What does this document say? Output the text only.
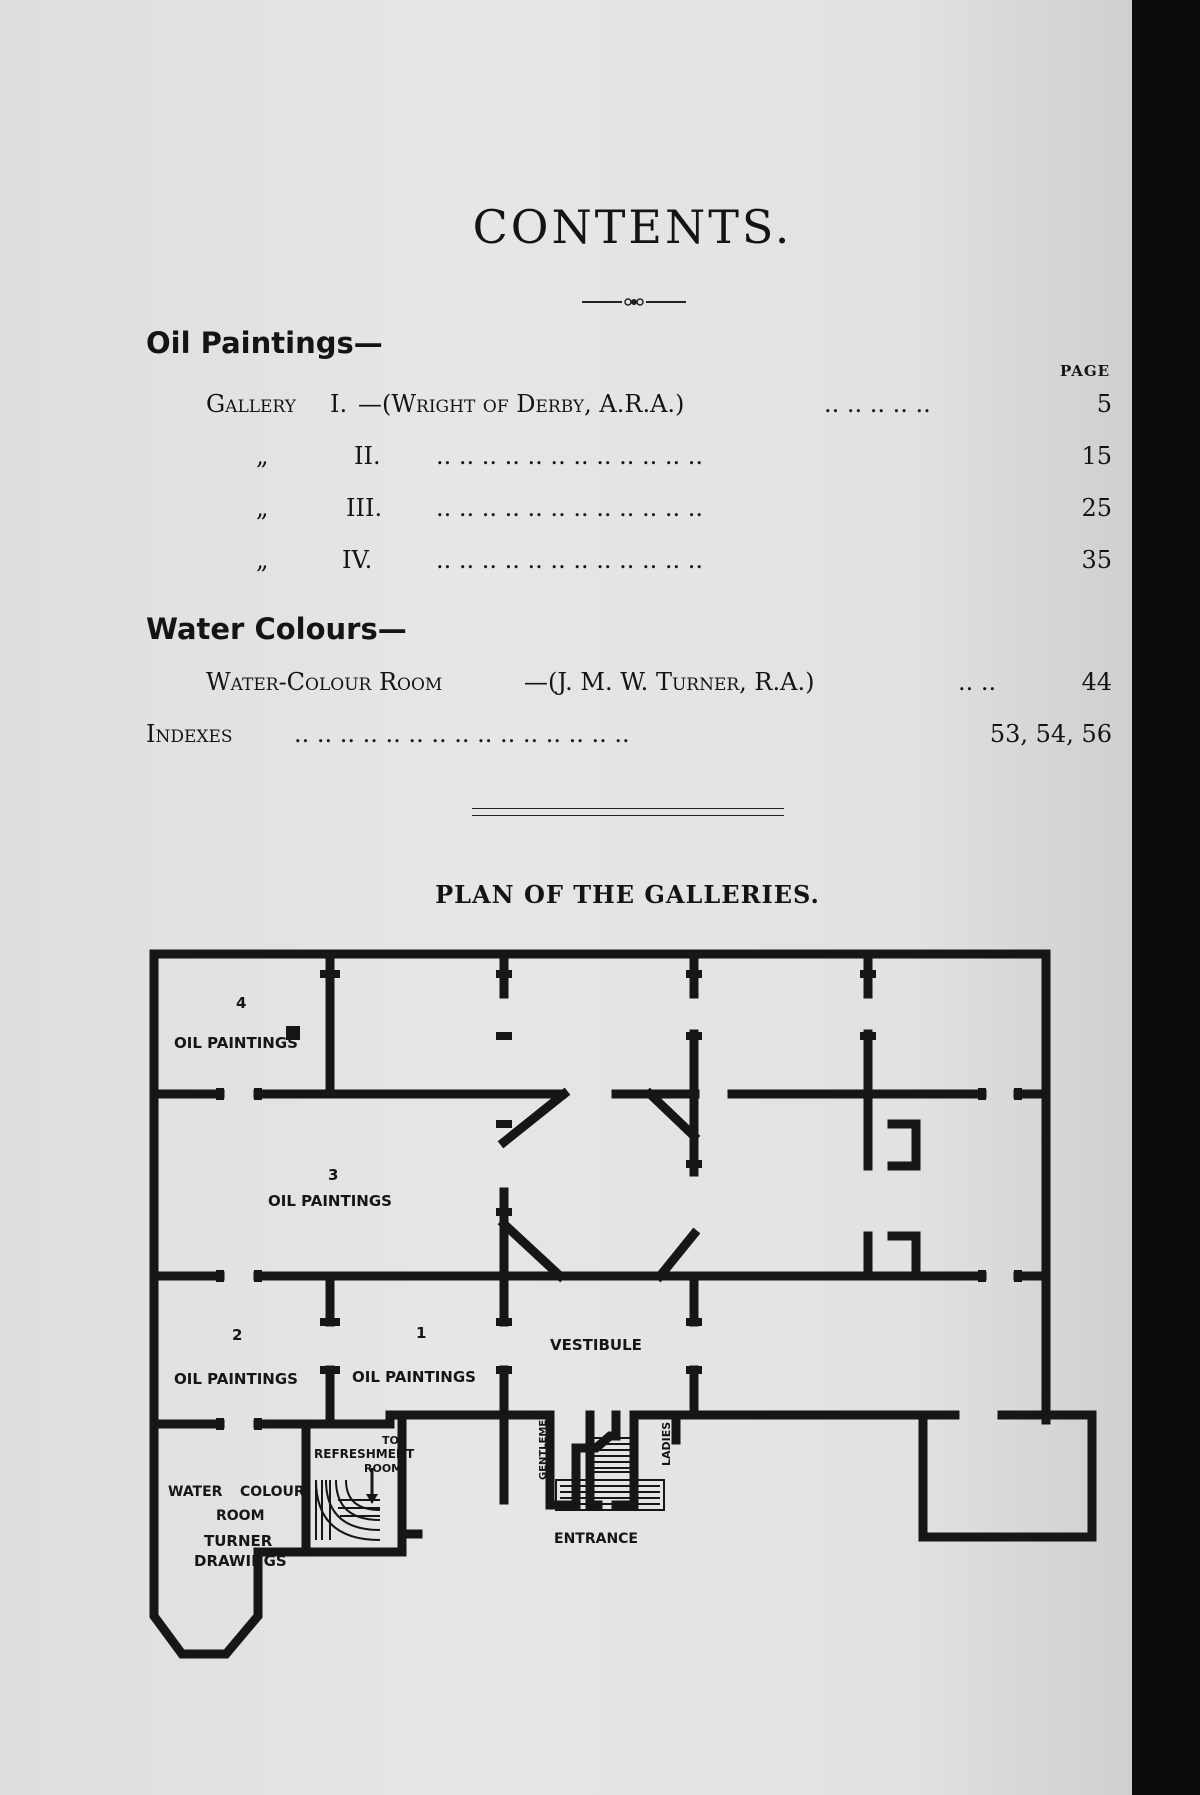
CONTENTS.
Oil Paintings—
PAGE
Gallery I. —(Wright of Derby, A.R.A.)	.. .. .. .. ..	5
„	II. .. .. .. .. .. .. .. .. .. .. .. ..	15
„	III. .. .. .. .. .. .. .. .. .. .. .. ..	25
„	IV.	.. .. .. .. .. .. .. .. .. .. .. ..	35
Water Colours—
Water-Colour Room	—(J. M. W. Turner, R.A.)	.. ..	44
Indexes	.. .. .. .. .. .. .. .. .. .. .. .. .. .. ..	53, 54, 56
PLAN OF THE GALLERIES.
4
OIL PAINTINGS
3
OIL PAINTINGS
2
OIL PAINTINGS
1
OIL PAINTINGS
VESTIBULE
WATER COLOUR
ROOM
TURNER
DRAWINGS
TO
REFRESHMENT
ROOM	GENTLEMEN	LADIES
ENTRANCE
